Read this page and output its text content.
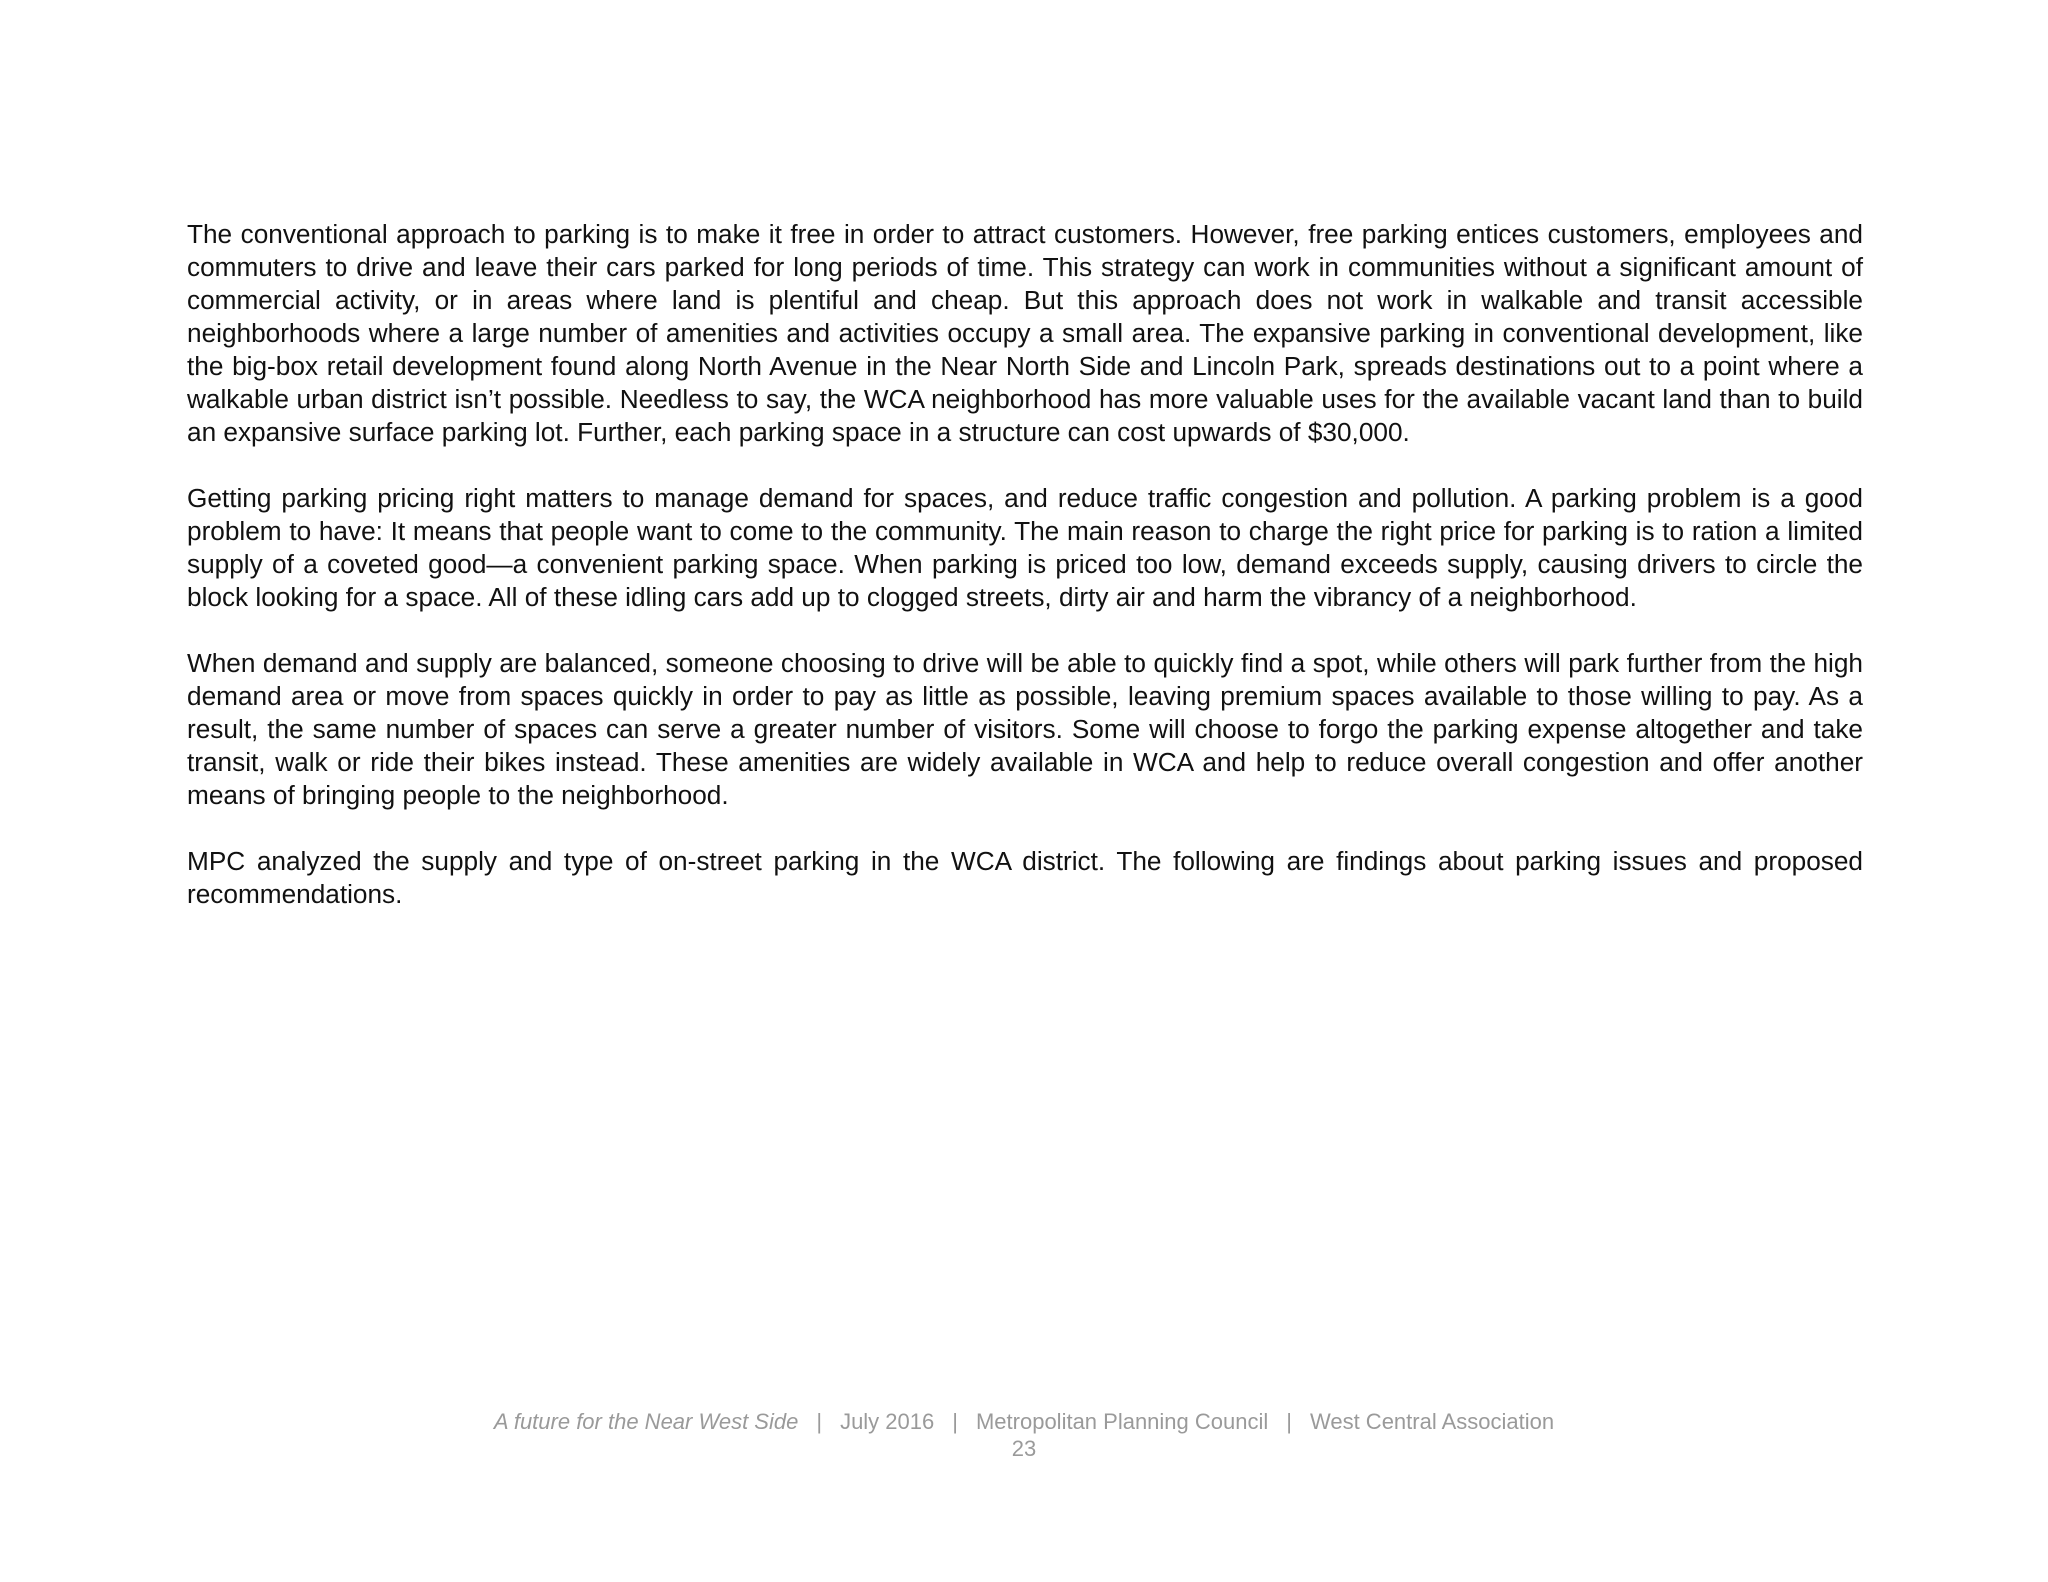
The conventional approach to parking is to make it free in order to attract customers. However, free parking entices customers, employees and commuters to drive and leave their cars parked for long periods of time. This strategy can work in communities without a significant amount of commercial activity, or in areas where land is plentiful and cheap. But this approach does not work in walkable and transit accessible neighborhoods where a large number of amenities and activities occupy a small area. The expansive parking in conventional development, like the big-box retail development found along North Avenue in the Near North Side and Lincoln Park, spreads destinations out to a point where a walkable urban district isn’t possible. Needless to say, the WCA neighborhood has more valuable uses for the available vacant land than to build an expansive surface parking lot. Further, each parking space in a structure can cost upwards of $30,000.

Getting parking pricing right matters to manage demand for spaces, and reduce traffic congestion and pollution. A parking problem is a good problem to have: It means that people want to come to the community. The main reason to charge the right price for parking is to ration a limited supply of a coveted good—a convenient parking space. When parking is priced too low, demand exceeds supply, causing drivers to circle the block looking for a space. All of these idling cars add up to clogged streets, dirty air and harm the vibrancy of a neighborhood.

When demand and supply are balanced, someone choosing to drive will be able to quickly find a spot, while others will park further from the high demand area or move from spaces quickly in order to pay as little as possible, leaving premium spaces available to those willing to pay. As a result, the same number of spaces can serve a greater number of visitors. Some will choose to forgo the parking expense altogether and take transit, walk or ride their bikes instead. These amenities are widely available in WCA and help to reduce overall congestion and offer another means of bringing people to the neighborhood.

MPC analyzed the supply and type of on-street parking in the WCA district. The following are findings about parking issues and proposed recommendations.

A future for the Near West Side | July 2016 | Metropolitan Planning Council | West Central Association
23
